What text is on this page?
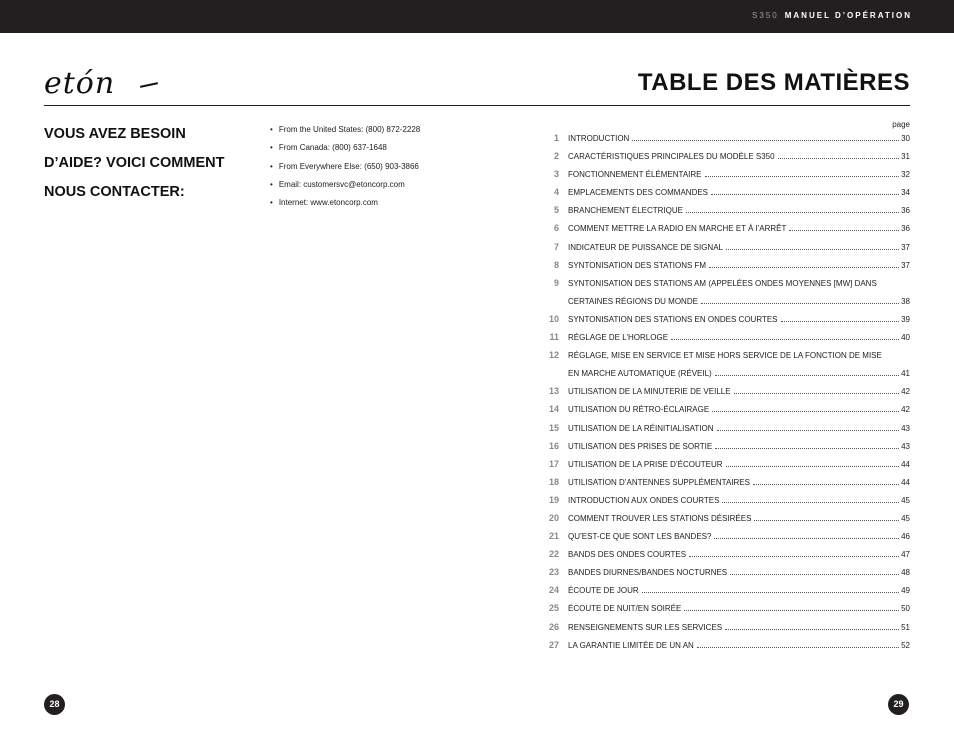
S350 MANUEL D’OPÉRATION
etón	TABLE DES MATIÈRES
VOUS AVEZ BESOIN
D’AIDE? VOICI COMMENT
NOUS CONTACTER:
• From the United States: (800) 872-2228
• From Canada: (800) 637-1648
• From Everywhere Else: (650) 903-3866
• Email: customersvc@etoncorp.com
• Internet: www.etoncorp.com
page
1 INTRODUCTION	30
2 CARACTÉRISTIQUES PRINCIPALES DU MODÈLE S350	31
3 FONCTIONNEMENT ÉLÉMENTAIRE	32
4 EMPLACEMENTS DES COMMANDES	34
5 BRANCHEMENT ÉLECTRIQUE	36
6 COMMENT METTRE LA RADIO EN MARCHE ET À l’ARRÊT	36
7 INDICATEUR DE PUISSANCE DE SIGNAL	37
8 SYNTONISATION DES STATIONS FM	37
9 SYNTONISATION DES STATIONS AM (APPELÉES ONDES MOYENNES [MW] DANS
CERTAINES RÉGIONS DU MONDE	38
10 SYNTONISATION DES STATIONS EN ONDES COURTES	39
11 RÉGLAGE DE L’HORLOGE	40
12 RÉGLAGE, MISE EN SERVICE ET MISE HORS SERVICE DE LA FONCTION DE MISE
EN MARCHE AUTOMATIQUE (RÉVEIL)	41
13 UTILISATION DE LA MINUTERIE DE VEILLE	42
14 UTILISATION DU RÉTRO-ÉCLAIRAGE	42
15 UTILISATION DE LA RÉINITIALISATION	43
16 UTILISATION DES PRISES DE SORTIE	43
17 UTILISATION DE LA PRISE D’ÉCOUTEUR	44
18 UTILISATION D’ANTENNES SUPPLÉMENTAIRES	44
19 INTRODUCTION AUX ONDES COURTES	45
20 COMMENT TROUVER LES STATIONS DÉSIRÉES	45
21 QU’EST-CE QUE SONT LES BANDES?	46
22 BANDS DES ONDES COURTES	47
23 BANDES DIURNES/BANDES NOCTURNES	48
24 ÉCOUTE DE JOUR	49
25 ÉCOUTE DE NUIT/EN SOIRÉE	50
26 RENSEIGNEMENTS SUR LES SERVICES	51
27 LA GARANTIE LIMITÉE DE UN AN	52
28	29
